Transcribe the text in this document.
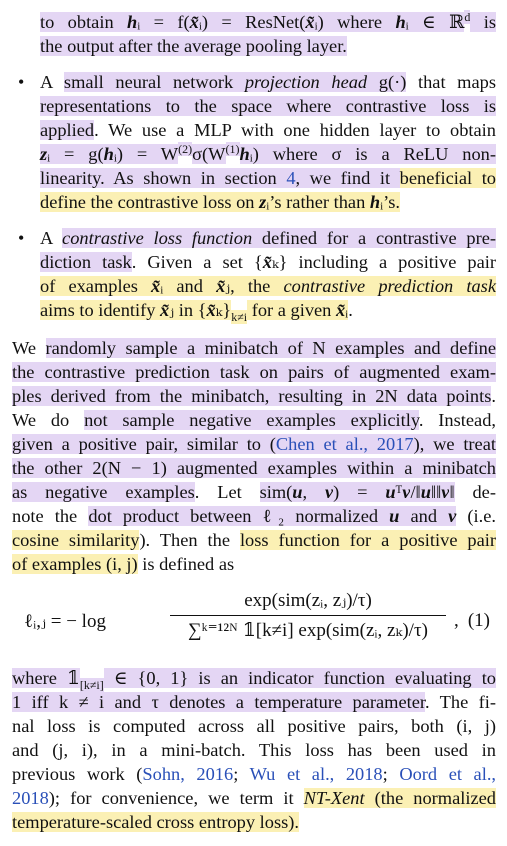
to obtain hᵢ = f(x̃ᵢ) = ResNet(x̃ᵢ) where hᵢ ∈ ℝ$^d$ is
the output after the average pooling layer.
A small neural network projection head g(·) that maps
representations to the space where contrastive loss is
applied. We use a MLP with one hidden layer to obtain
zᵢ = g(hᵢ) = $W^{(2)}\sigma(W^{(1)}hᵢ)$ where σ is a ReLU non-
linearity. As shown in section 4, we find it beneficial to
define the contrastive loss on zᵢ’s rather than hᵢ’s.
A contrastive loss function defined for a contrastive pre-
diction task. Given a set {x̃ₖ} including a positive pair
of examples x̃ᵢ and x̃ⱼ, the contrastive prediction task
aims to identify x̃ⱼ in $\{x̃_k\}_{k\ne i}$ for a given x̃ᵢ.
We randomly sample a minibatch of N examples and define
the contrastive prediction task on pairs of augmented exam-
ples derived from the minibatch, resulting in 2N data points.
We do not sample negative examples explicitly. Instead,
given a positive pair, similar to (Chen et al., 2017), we treat
the other 2(N − 1) augmented examples within a minibatch
as negative examples. Let sim(u, v) = uᵀv/‖u‖‖v‖ de-
note the dot product between ℓ₂ normalized u and v (i.e.
cosine similarity). Then the loss function for a positive pair
of examples (i, j) is defined as
where $𝟙_{[k\ne i]}$ ∈ {0, 1} is an indicator function evaluating to
1 iff k ≠ i and τ denotes a temperature parameter. The fi-
nal loss is computed across all positive pairs, both (i, j)
and (j, i), in a mini-batch. This loss has been used in
previous work (Sohn, 2016; Wu et al., 2018; Oord et al.,
2018); for convenience, we term it NT-Xent (the normalized
temperature-scaled cross entropy loss).
•
•
ℓᵢ,ⱼ = − log
exp(sim(zᵢ, zⱼ)/τ)
∑ᵏ⁼¹²ᴺ 𝟙[k≠i] exp(sim(zᵢ, zₖ)/τ)	, (1)
